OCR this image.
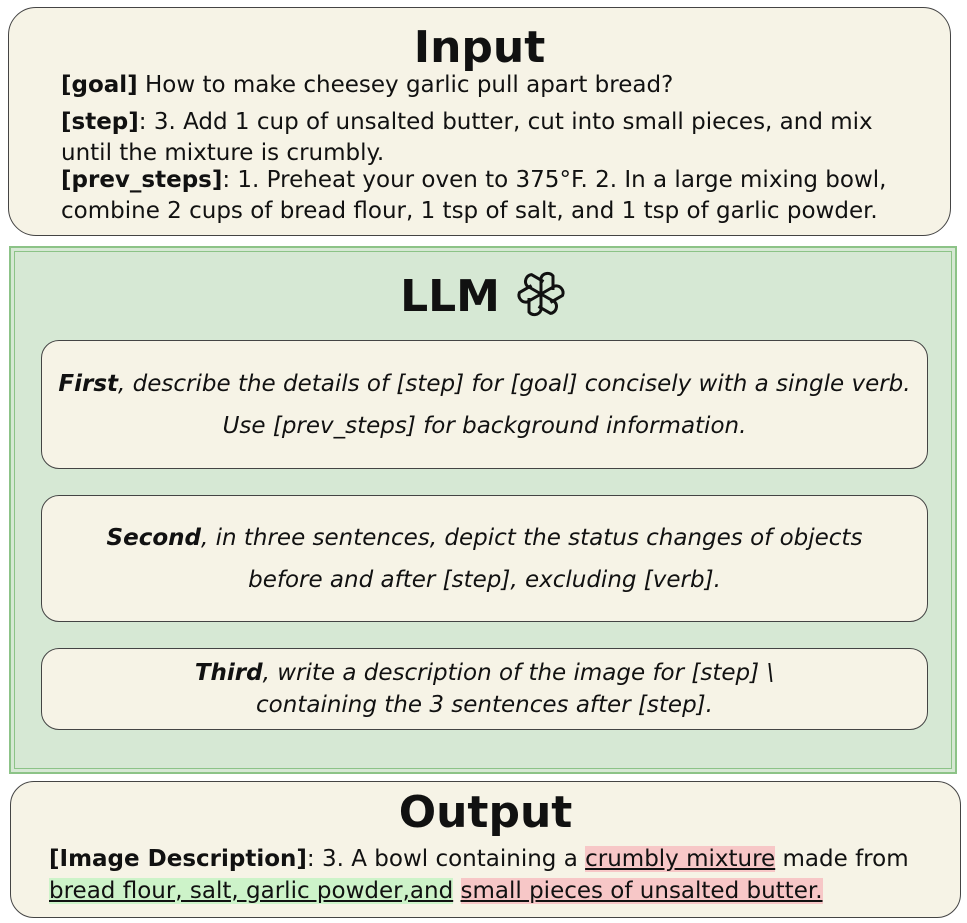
Input

[goal] How to make cheesey garlic pull apart bread?

[step]: 3. Add 1 cup of unsalted butter, cut into small pieces, and mix

until the mixture is crumbly.

[prev_steps]: 1. Preheat your oven to 375°F. 2. In a large mixing bowl,

combine 2 cups of bread flour, 1 tsp of salt, and 1 tsp of garlic powder.

LLM

First, describe the details of [step] for [goal] concisely with a single verb.

Use [prev_steps] for background information.

Second, in three sentences, depict the status changes of objects

before and after [step], excluding [verb].

Third, write a description of the image for [step] \

containing the 3 sentences after [step].

Output
[Image Description]: 3. A bowl containing a crumbly mixture made from
bread flour, salt, garlic powder,and small pieces of unsalted butter.
